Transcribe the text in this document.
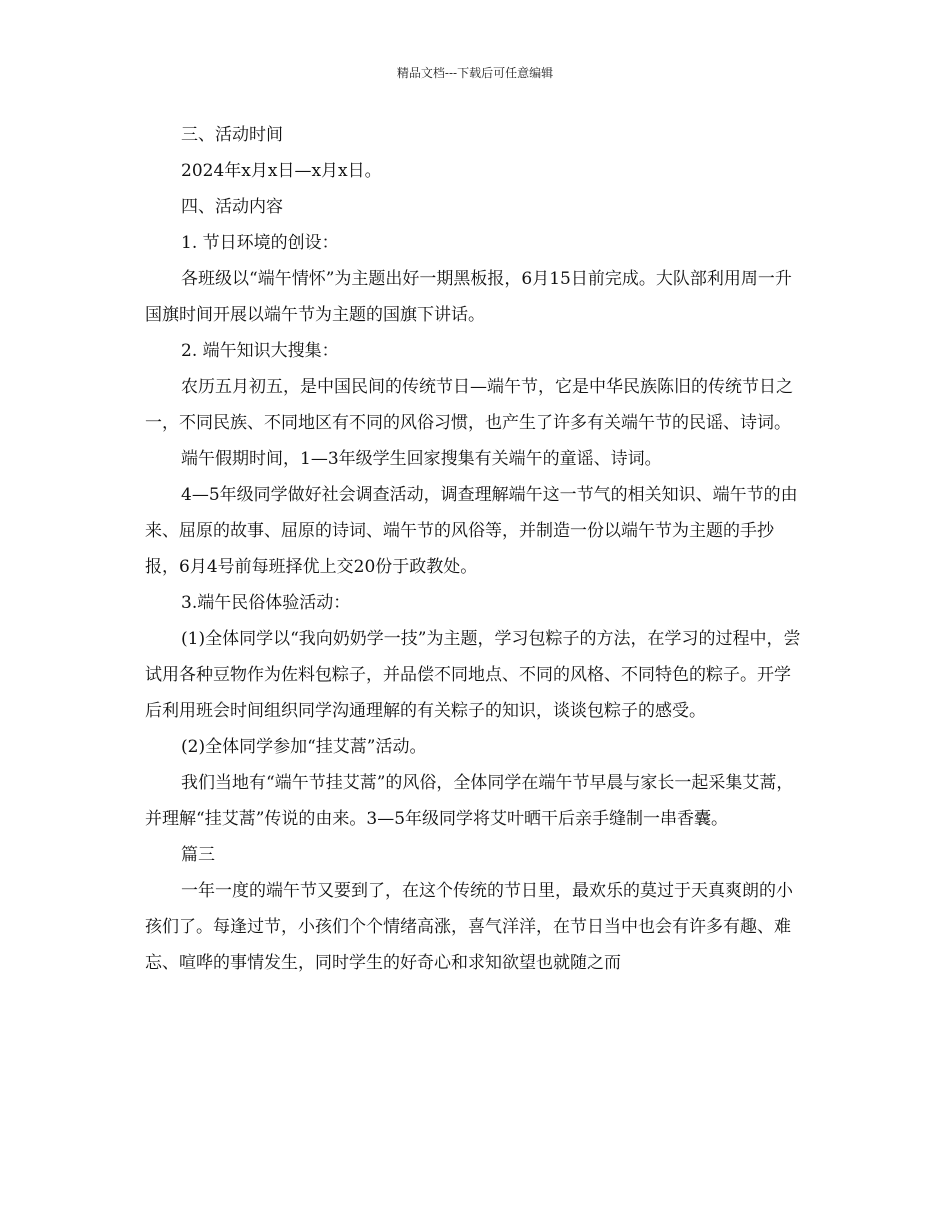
精品文档---下载后可任意编辑

三、活动时间

2024年x月x日—x月x日。

四、活动内容

1. 节日环境的创设：

各班级以“端午情怀”为主题出好一期黑板报，6月15日前完成。大队部利用周一升国旗时间开展以端午节为主题的国旗下讲话。

2. 端午知识大搜集：

农历五月初五，是中国民间的传统节日—端午节，它是中华民族陈旧的传统节日之一，不同民族、不同地区有不同的风俗习惯，也产生了许多有关端午节的民谣、诗词。

端午假期时间，1—3年级学生回家搜集有关端午的童谣、诗词。

4—5年级同学做好社会调查活动，调查理解端午这一节气的相关知识、端午节的由来、屈原的故事、屈原的诗词、端午节的风俗等，并制造一份以端午节为主题的手抄报，6月4号前每班择优上交20份于政教处。

3.端午民俗体验活动：

(1)全体同学以“我向奶奶学一技”为主题，学习包粽子的方法，在学习的过程中，尝试用各种豆物作为佐料包粽子，并品偿不同地点、不同的风格、不同特色的粽子。开学后利用班会时间组织同学沟通理解的有关粽子的知识，谈谈包粽子的感受。

(2)全体同学参加“挂艾蒿”活动。

我们当地有“端午节挂艾蒿”的风俗，全体同学在端午节早晨与家长一起采集艾蒿，并理解“挂艾蒿”传说的由来。3—5年级同学将艾叶晒干后亲手缝制一串香囊。

篇三

一年一度的端午节又要到了，在这个传统的节日里，最欢乐的莫过于天真爽朗的小孩们了。每逢过节，小孩们个个情绪高涨，喜气洋洋，在节日当中也会有许多有趣、难忘、喧哗的事情发生，同时学生的好奇心和求知欲望也就随之而
